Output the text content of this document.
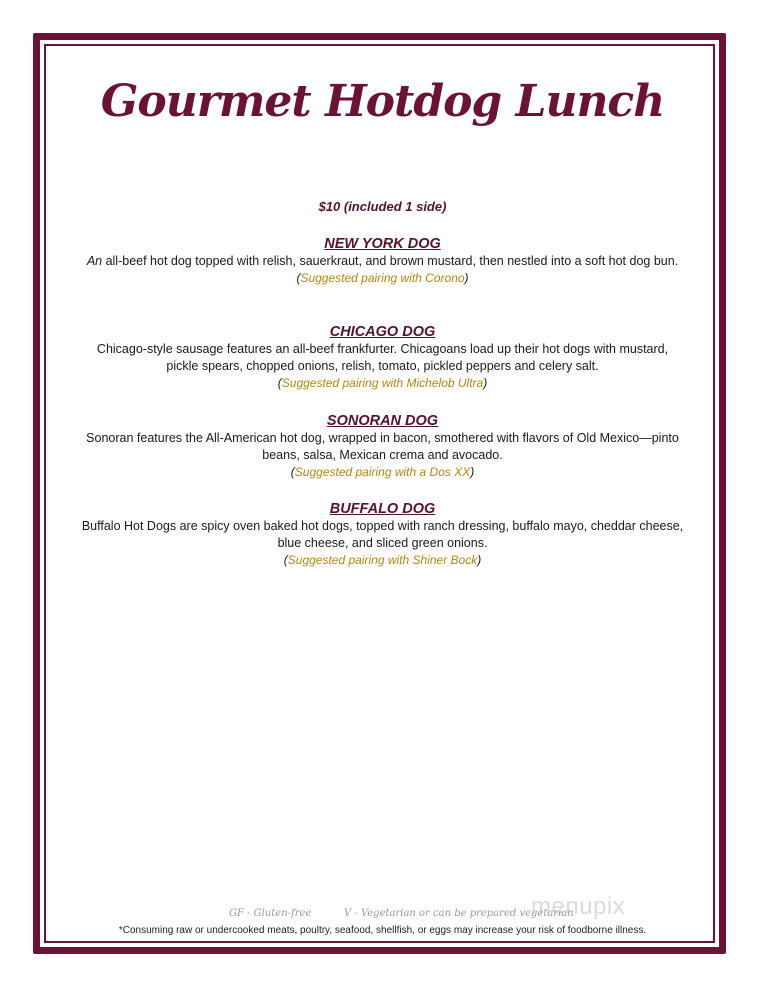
Gourmet Hotdog Lunch
$10 (included 1 side)
NEW YORK DOG
An all-beef hot dog topped with relish, sauerkraut, and brown mustard, then nestled into a soft hot dog bun.
(Suggested pairing with Corono)
CHICAGO DOG
Chicago-style sausage features an all-beef frankfurter. Chicagoans load up their hot dogs with mustard, pickle spears, chopped onions, relish, tomato, pickled peppers and celery salt.
(Suggested pairing with Michelob Ultra)
SONORAN DOG
Sonoran features the All-American hot dog, wrapped in bacon, smothered with flavors of Old Mexico—pinto beans, salsa, Mexican crema and avocado.
(Suggested pairing with a Dos XX)
BUFFALO DOG
Buffalo Hot Dogs are spicy oven baked hot dogs, topped with ranch dressing, buffalo mayo, cheddar cheese, blue cheese, and sliced green onions.
(Suggested pairing with Shiner Bock)
menupix
GF - Gluten-free	V - Vegetarian or can be prepared vegetarian
*Consuming raw or undercooked meats, poultry, seafood, shellfish, or eggs may increase your risk of foodborne illness.
